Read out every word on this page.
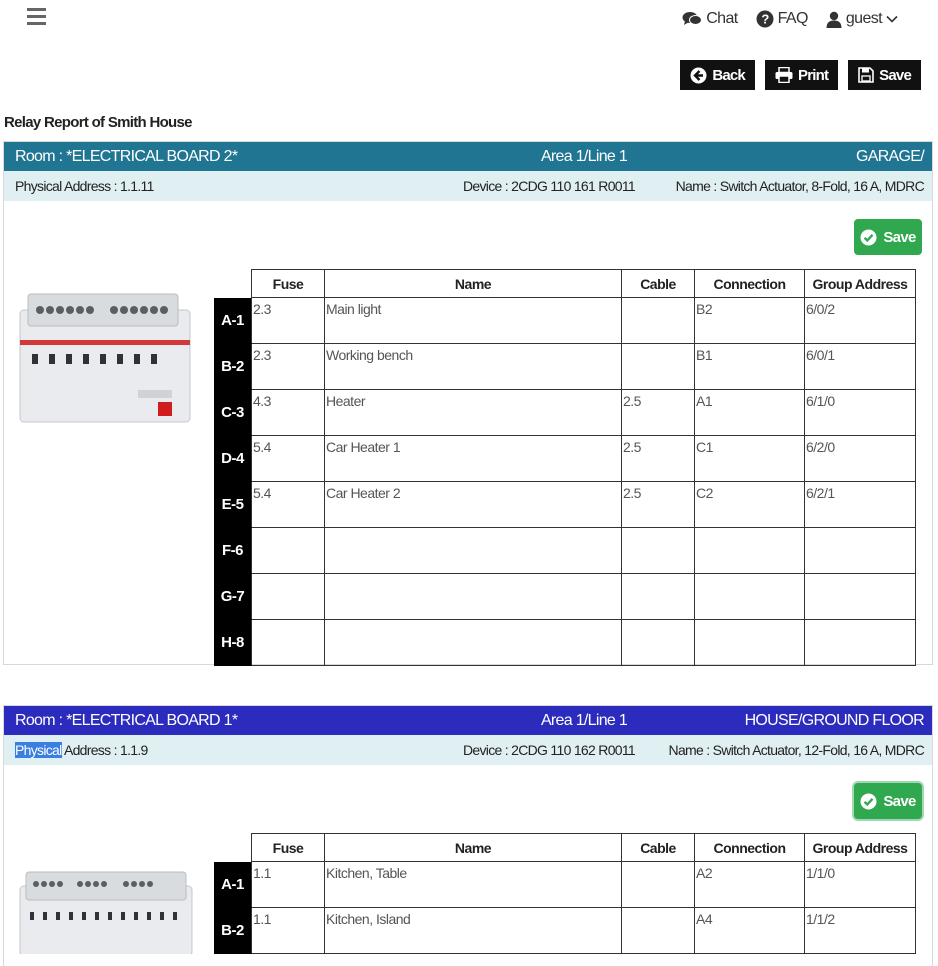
Chat ? FAQ guest
Back	Print	Save
Relay Report of Smith House
Room : *ELECTRICAL BOARD 2*	Area 1/Line 1	GARAGE/
Physical Address : 1.1.11	Device : 2CDG 110 161 R0011	Name : Switch Actuator, 8-Fold, 16 A, MDRC
Save
	Fuse	Name	Cable	Connection	Group Address
A-1	2.3	Main light		B2	6/0/2
B-2	2.3	Working bench		B1	6/0/1
C-3	4.3	Heater	2.5	A1	6/1/0
D-4	5.4	Car Heater 1	2.5	C1	6/2/0
E-5	5.4	Car Heater 2	2.5	C2	6/2/1
F-6					
G-7					
H-8					
Room : *ELECTRICAL BOARD 1*	Area 1/Line 1	HOUSE/GROUND FLOOR
Physical Address : 1.1.9	Device : 2CDG 110 162 R0011	Name : Switch Actuator, 12-Fold, 16 A, MDRC
Save
	Fuse	Name	Cable	Connection	Group Address
A-1	1.1	Kitchen, Table		A2	1/1/0
B-2	1.1	Kitchen, Island		A4	1/1/2
